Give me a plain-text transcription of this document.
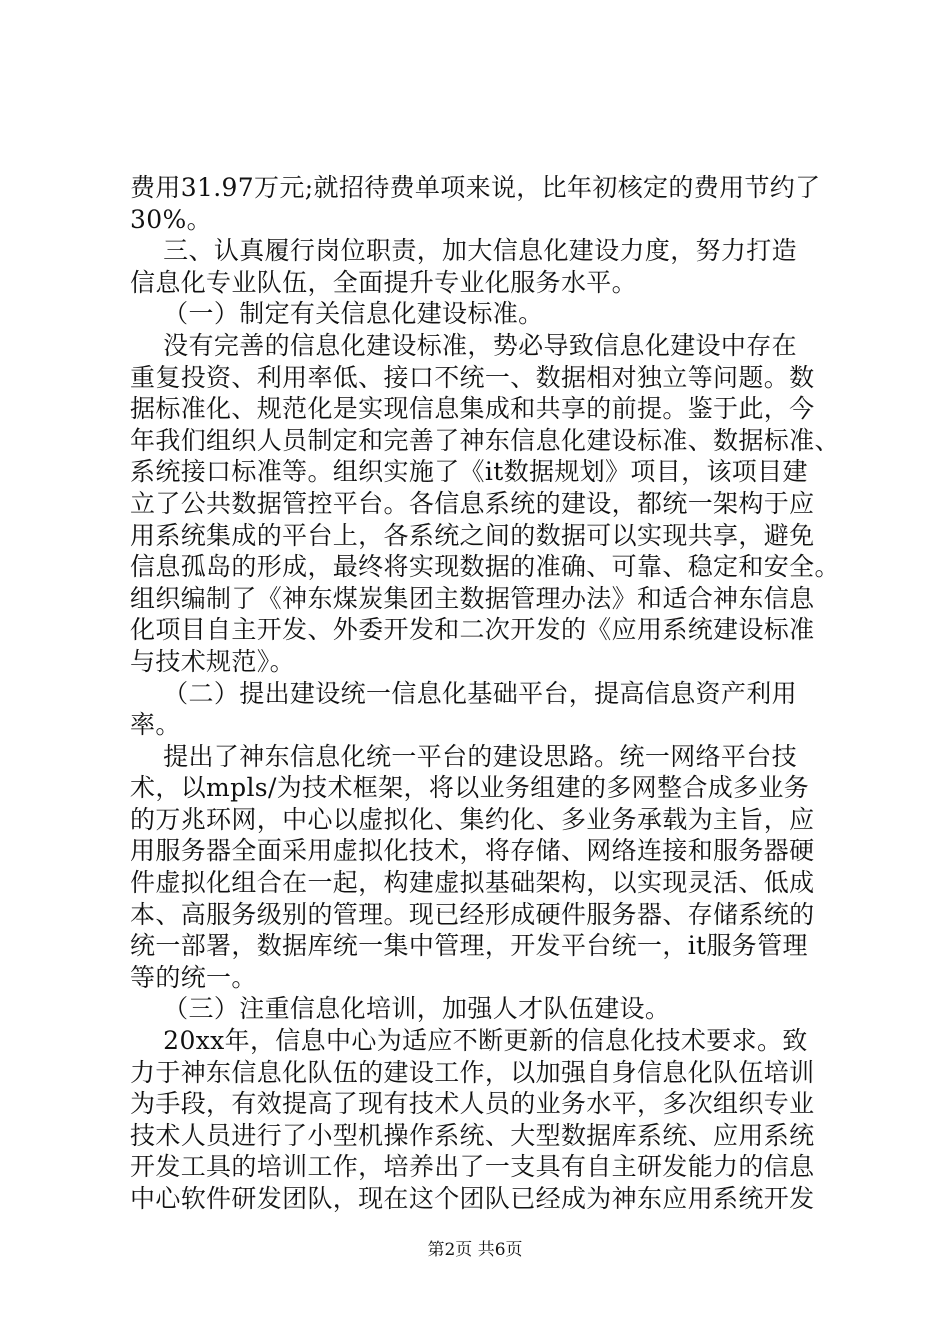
费用31.97万元;就招待费单项来说，比年初核定的费用节约了
30%。
三、认真履行岗位职责，加大信息化建设力度，努力打造
信息化专业队伍，全面提升专业化服务水平。
（一）制定有关信息化建设标准。
没有完善的信息化建设标准，势必导致信息化建设中存在
重复投资、利用率低、接口不统一、数据相对独立等问题。数
据标准化、规范化是实现信息集成和共享的前提。鉴于此，今
年我们组织人员制定和完善了神东信息化建设标准、数据标准、
系统接口标准等。组织实施了《it数据规划》项目，该项目建
立了公共数据管控平台。各信息系统的建设，都统一架构于应
用系统集成的平台上，各系统之间的数据可以实现共享，避免
信息孤岛的形成，最终将实现数据的准确、可靠、稳定和安全。
组织编制了《神东煤炭集团主数据管理办法》和适合神东信息
化项目自主开发、外委开发和二次开发的《应用系统建设标准
与技术规范》。
（二）提出建设统一信息化基础平台，提高信息资产利用
率。
提出了神东信息化统一平台的建设思路。统一网络平台技
术，以mpls/为技术框架，将以业务组建的多网整合成多业务
的万兆环网，中心以虚拟化、集约化、多业务承载为主旨，应
用服务器全面采用虚拟化技术，将存储、网络连接和服务器硬
件虚拟化组合在一起，构建虚拟基础架构，以实现灵活、低成
本、高服务级别的管理。现已经形成硬件服务器、存储系统的
统一部署，数据库统一集中管理，开发平台统一，it服务管理
等的统一。
（三）注重信息化培训，加强人才队伍建设。
20xx年，信息中心为适应不断更新的信息化技术要求。致
力于神东信息化队伍的建设工作，以加强自身信息化队伍培训
为手段，有效提高了现有技术人员的业务水平，多次组织专业
技术人员进行了小型机操作系统、大型数据库系统、应用系统
开发工具的培训工作，培养出了一支具有自主研发能力的信息
中心软件研发团队，现在这个团队已经成为神东应用系统开发
第2页 共6页
